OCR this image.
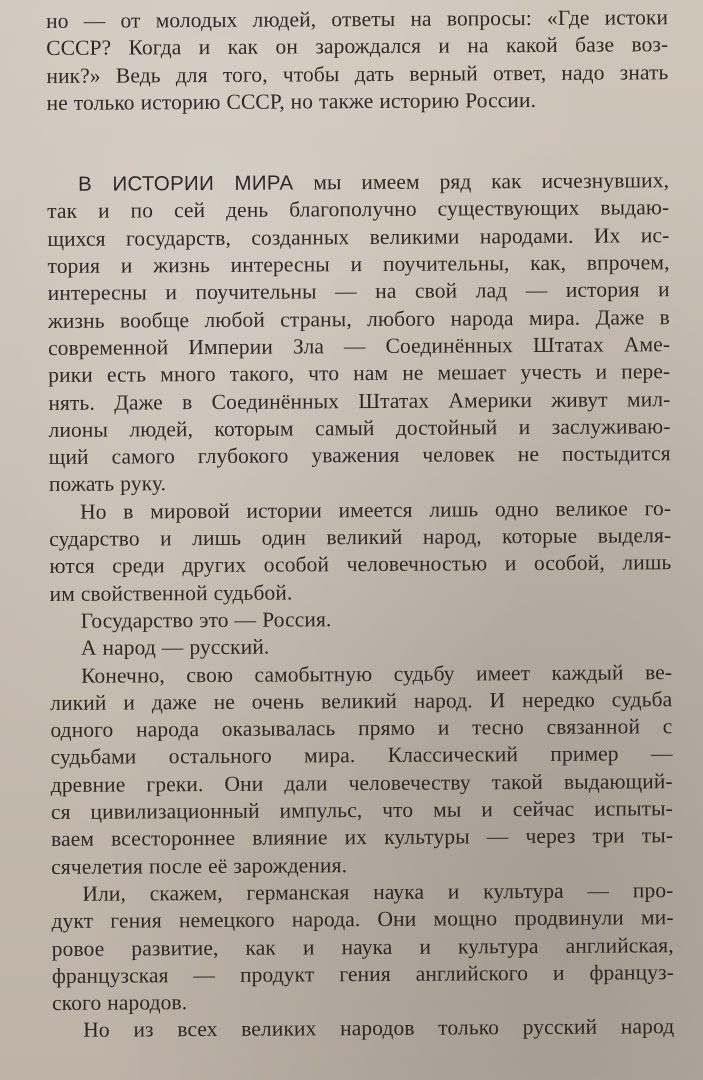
но — от молодых людей, ответы на вопросы: «Где истоки
СССР? Когда и как он зарождался и на какой базе воз-
ник?» Ведь для того, чтобы дать верный ответ, надо знать
не только историю СССР, но также историю России.
В ИСТОРИИ МИРА мы имеем ряд как исчезнувших,
так и по сей день благополучно существующих выдаю-
щихся государств, созданных великими народами. Их ис-
тория и жизнь интересны и поучительны, как, впрочем,
интересны и поучительны — на свой лад — история и
жизнь вообще любой страны, любого народа мира. Даже в
современной Империи Зла — Соединённых Штатах Аме-
рики есть много такого, что нам не мешает учесть и пере-
нять. Даже в Соединённых Штатах Америки живут мил-
лионы людей, которым самый достойный и заслуживаю-
щий самого глубокого уважения человек не постыдится
пожать руку.
Но в мировой истории имеется лишь одно великое го-
сударство и лишь один великий народ, которые выделя-
ются среди других особой человечностью и особой, лишь
им свойственной судьбой.
Государство это — Россия.
А народ — русский.
Конечно, свою самобытную судьбу имеет каждый ве-
ликий и даже не очень великий народ. И нередко судьба
одного народа оказывалась прямо и тесно связанной с
судьбами остального мира. Классический пример —
древние греки. Они дали человечеству такой выдающий-
ся цивилизационный импульс, что мы и сейчас испыты-
ваем всестороннее влияние их культуры — через три ты-
сячелетия после её зарождения.
Или, скажем, германская наука и культура — про-
дукт гения немецкого народа. Они мощно продвинули ми-
ровое развитие, как и наука и культура английская,
французская — продукт гения английского и француз-
ского народов.
Но из всех великих народов только русский народ
